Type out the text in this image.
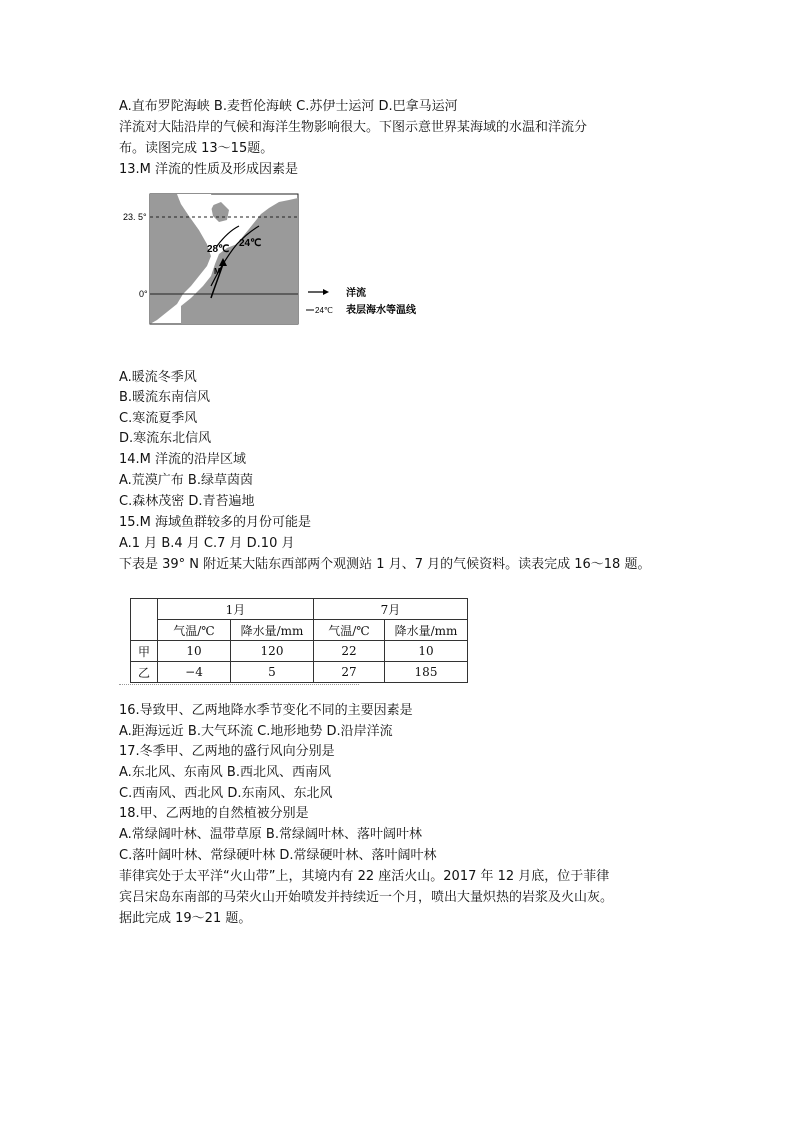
A.直布罗陀海峡 B.麦哲伦海峡 C.苏伊士运河 D.巴拿马运河
洋流对大陆沿岸的气候和海洋生物影响很大。下图示意世界某海域的水温和洋流分
布。读图完成 13～15题。
13.M 洋流的性质及形成因素是
23. 5°
0°
28℃
24℃
M
洋流
24℃ 表层海水等温线
A.暖流冬季风
B.暖流东南信风
C.寒流夏季风
D.寒流东北信风
14.M 洋流的沿岸区域
A.荒漠广布 B.绿草茵茵
C.森林茂密 D.青苔遍地
15.M 海域鱼群较多的月份可能是
A.1 月 B.4 月 C.7 月 D.10 月
下表是 39° N 附近某大陆东西部两个观测站 1 月、7 月的气候资料。读表完成 16～18 题。
	1月		7月	
	气温/℃	降水量/mm	气温/℃	降水量/mm
甲	10	120	22	10
乙	−4	5	27	185
16.导致甲、乙两地降水季节变化不同的主要因素是
A.距海远近 B.大气环流 C.地形地势 D.沿岸洋流
17.冬季甲、乙两地的盛行风向分别是
A.东北风、东南风 B.西北风、西南风
C.西南风、西北风 D.东南风、东北风
18.甲、乙两地的自然植被分别是
A.常绿阔叶林、温带草原 B.常绿阔叶林、落叶阔叶林
C.落叶阔叶林、常绿硬叶林 D.常绿硬叶林、落叶阔叶林
菲律宾处于太平洋“火山带”上，其境内有 22 座活火山。2017 年 12 月底，位于菲律
宾吕宋岛东南部的马荣火山开始喷发并持续近一个月，喷出大量炽热的岩浆及火山灰。
据此完成 19～21 题。
